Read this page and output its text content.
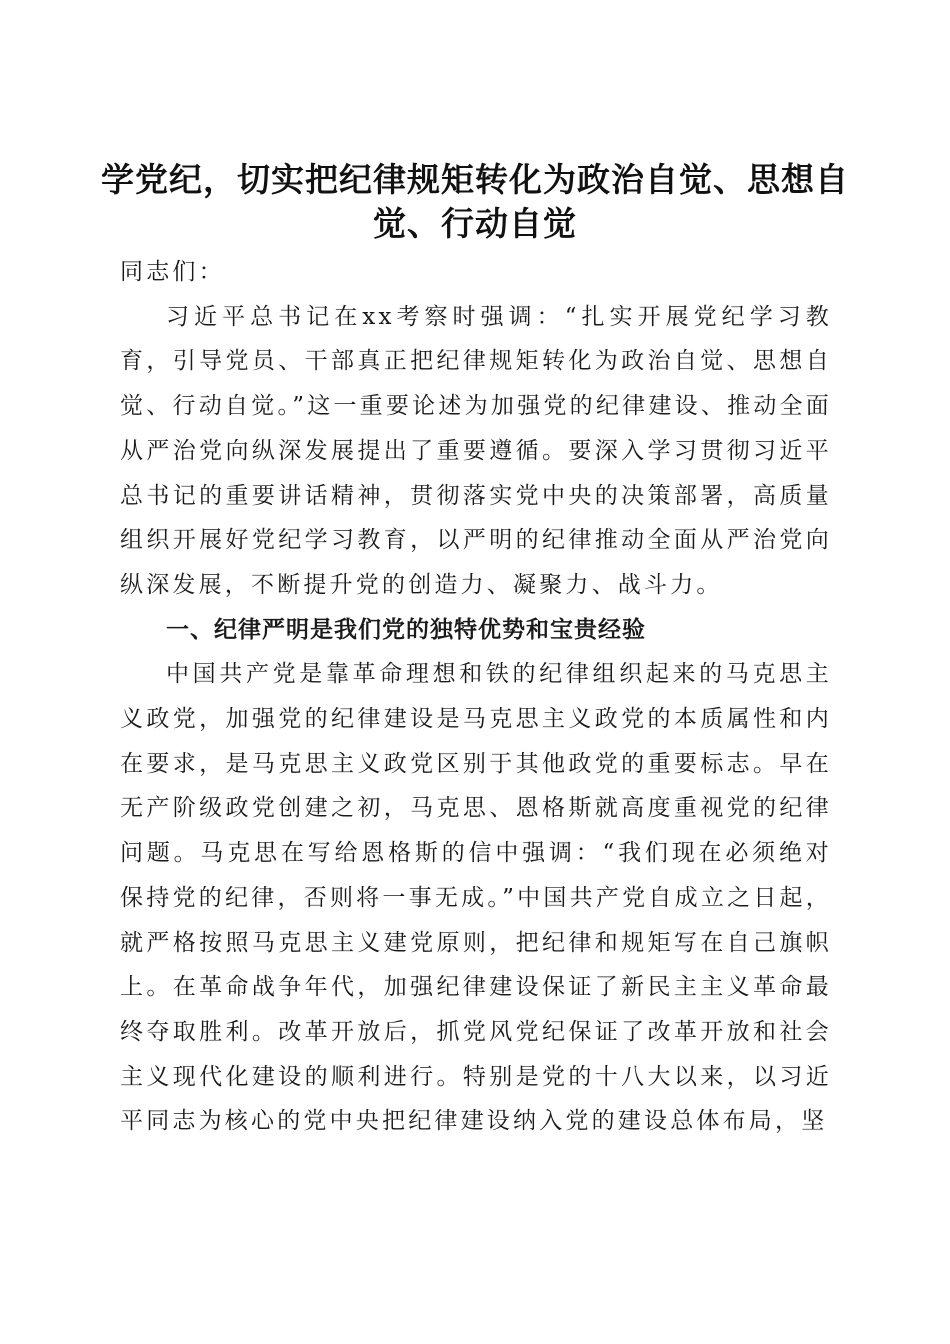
学党纪，切实把纪律规矩转化为政治自觉、思想自觉、行动自觉

同志们：

习近平总书记在xx考察时强调：“扎实开展党纪学习教育，引导党员、干部真正把纪律规矩转化为政治自觉、思想自觉、行动自觉。”这一重要论述为加强党的纪律建设、推动全面从严治党向纵深发展提出了重要遵循。要深入学习贯彻习近平总书记的重要讲话精神，贯彻落实党中央的决策部署，高质量组织开展好党纪学习教育，以严明的纪律推动全面从严治党向纵深发展，不断提升党的创造力、凝聚力、战斗力。

一、纪律严明是我们党的独特优势和宝贵经验

中国共产党是靠革命理想和铁的纪律组织起来的马克思主义政党，加强党的纪律建设是马克思主义政党的本质属性和内在要求，是马克思主义政党区别于其他政党的重要标志。早在无产阶级政党创建之初，马克思、恩格斯就高度重视党的纪律问题。马克思在写给恩格斯的信中强调：“我们现在必须绝对保持党的纪律，否则将一事无成。”中国共产党自成立之日起，就严格按照马克思主义建党原则，把纪律和规矩写在自己旗帜上。在革命战争年代，加强纪律建设保证了新民主主义革命最终夺取胜利。改革开放后，抓党风党纪保证了改革开放和社会主义现代化建设的顺利进行。特别是党的十八大以来，以习近平同志为核心的党中央把纪律建设纳入党的建设总体布局，坚
